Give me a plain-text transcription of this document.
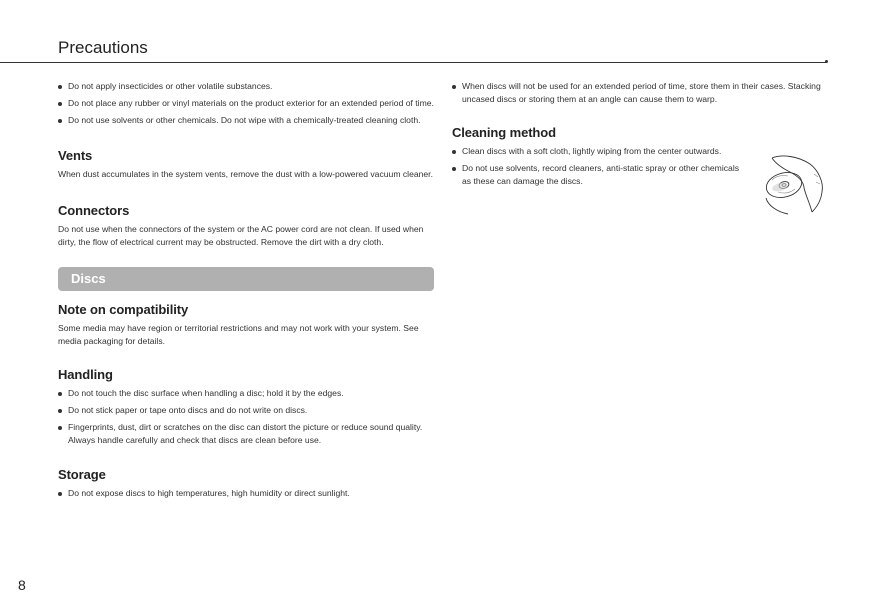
Precautions
Do not apply insecticides or other volatile substances.
Do not place any rubber or vinyl materials on the product exterior for an extended period of time.
Do not use solvents or other chemicals. Do not wipe with a chemically-treated cleaning cloth.
Vents

When dust accumulates in the system vents, remove the dust with a low-powered vacuum cleaner.

Connectors

Do not use when the connectors of the system or the AC power cord are not clean. If used when dirty, the flow of electrical current may be obstructed. Remove the dirt with a dry cloth.

Discs
Note on compatibility

Some media may have region or territorial restrictions and may not work with your system. See media packaging for details.

Handling
Do not touch the disc surface when handling a disc; hold it by the edges.
Do not stick paper or tape onto discs and do not write on discs.
Fingerprints, dust, dirt or scratches on the disc can distort the picture or reduce sound quality. Always handle carefully and check that discs are clean before use.
Storage
Do not expose discs to high temperatures, high humidity or direct sunlight.
When discs will not be used for an extended period of time, store them in their cases. Stacking uncased discs or storing them at an angle can cause them to warp.
Cleaning method
Clean discs with a soft cloth, lightly wiping from the center outwards.
Do not use solvents, record cleaners, anti-static spray or other chemicals as these can damage the discs.
8
